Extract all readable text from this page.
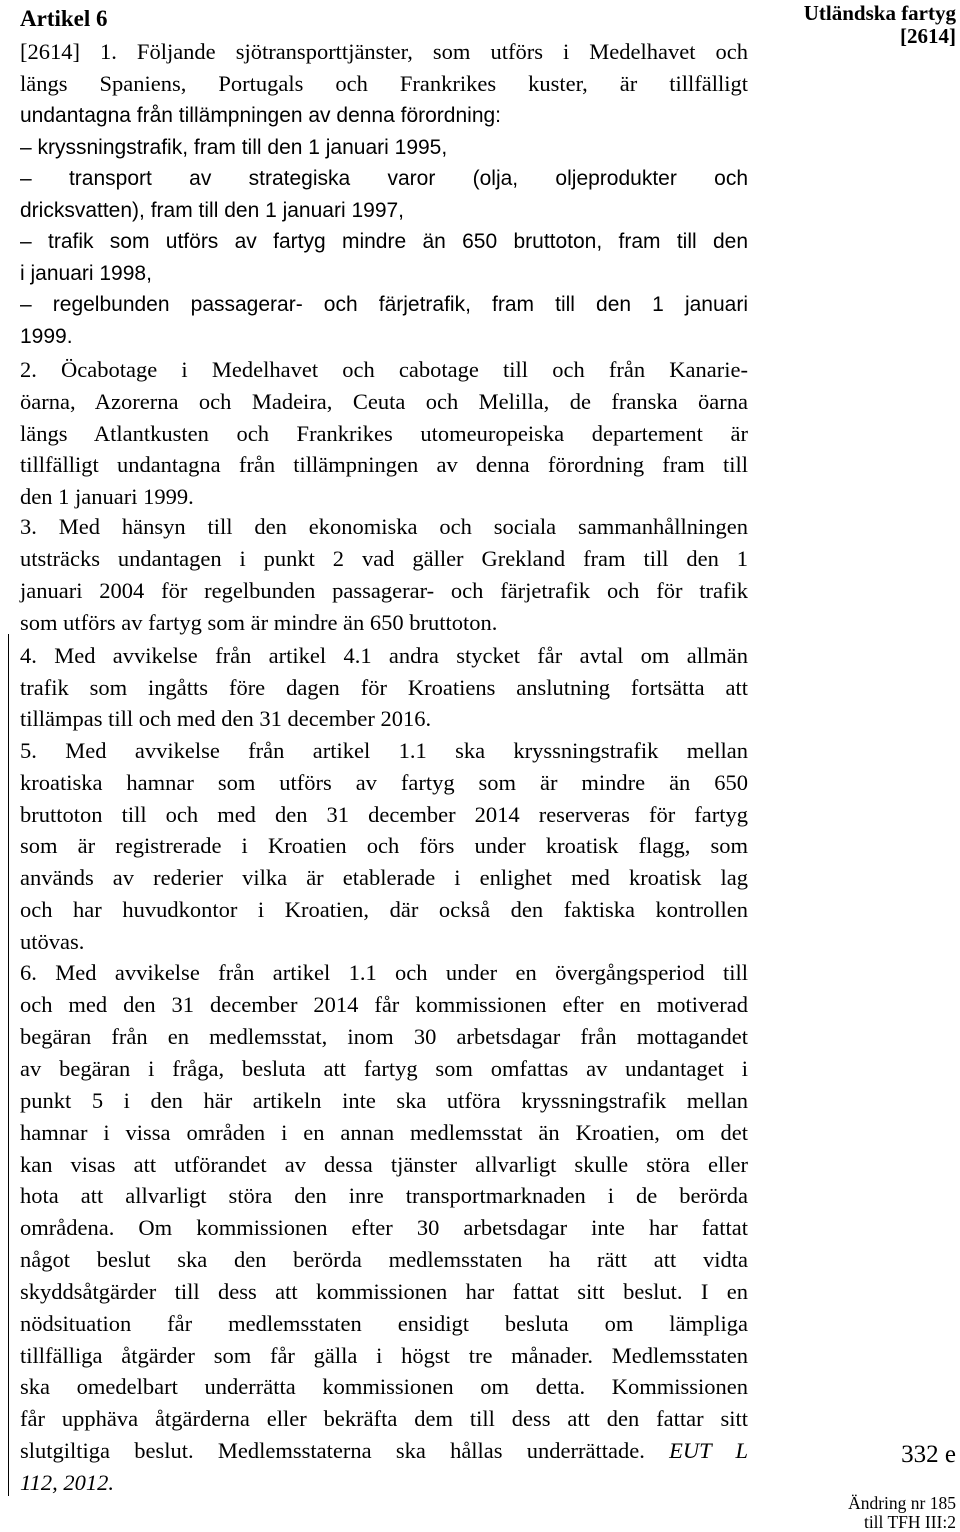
Artikel 6	Utländska fartyg
[2614]
[2614] 1. Följande sjötransporttjänster, som utförs i Medelhavet och
längs Spaniens, Portugals och Frankrikes kuster, är tillfälligt
undantagna från tillämpningen av denna förordning:
– kryssningstrafik, fram till den 1 januari 1995,
– transport av strategiska varor (olja, oljeprodukter och
dricksvatten), fram till den 1 januari 1997,
– trafik som utförs av fartyg mindre än 650 bruttoton, fram till den
i januari 1998,
– regelbunden passagerar- och färjetrafik, fram till den 1 januari
1999.
2. Öcabotage i Medelhavet och cabotage till och från Kanarie-
öarna, Azorerna och Madeira, Ceuta och Melilla, de franska öarna
längs Atlantkusten och Frankrikes utomeuropeiska departement är
tillfälligt undantagna från tillämpningen av denna förordning fram till
den 1 januari 1999.
3. Med hänsyn till den ekonomiska och sociala sammanhållningen
utsträcks undantagen i punkt 2 vad gäller Grekland fram till den 1
januari 2004 för regelbunden passagerar- och färjetrafik och för trafik
som utförs av fartyg som är mindre än 650 bruttoton.
4. Med avvikelse från artikel 4.1 andra stycket får avtal om allmän
trafik som ingåtts före dagen för Kroatiens anslutning fortsätta att
tillämpas till och med den 31 december 2016.
5. Med avvikelse från artikel 1.1 ska kryssningstrafik mellan
kroatiska hamnar som utförs av fartyg som är mindre än 650
bruttoton till och med den 31 december 2014 reserveras för fartyg
som är registrerade i Kroatien och förs under kroatisk flagg, som
används av rederier vilka är etablerade i enlighet med kroatisk lag
och har huvudkontor i Kroatien, där också den faktiska kontrollen
utövas.
6. Med avvikelse från artikel 1.1 och under en övergångsperiod till
och med den 31 december 2014 får kommissionen efter en motiverad
begäran från en medlemsstat, inom 30 arbetsdagar från mottagandet
av begäran i fråga, besluta att fartyg som omfattas av undantaget i
punkt 5 i den här artikeln inte ska utföra kryssningstrafik mellan
hamnar i vissa områden i en annan medlemsstat än Kroatien, om det
kan visas att utförandet av dessa tjänster allvarligt skulle störa eller
hota att allvarligt störa den inre transportmarknaden i de berörda
områdena. Om kommissionen efter 30 arbetsdagar inte har fattat
något beslut ska den berörda medlemsstaten ha rätt att vidta
skyddsåtgärder till dess att kommissionen har fattat sitt beslut. I en
nödsituation får medlemsstaten ensidigt besluta om lämpliga
tillfälliga åtgärder som får gälla i högst tre månader. Medlemsstaten
ska omedelbart underrätta kommissionen om detta. Kommissionen
får upphäva åtgärderna eller bekräfta dem till dess att den fattar sitt
slutgiltiga beslut. Medlemsstaterna ska hållas underrättade. EUT L
112, 2012.
332 e
Ändring nr 185
till TFH III:2
